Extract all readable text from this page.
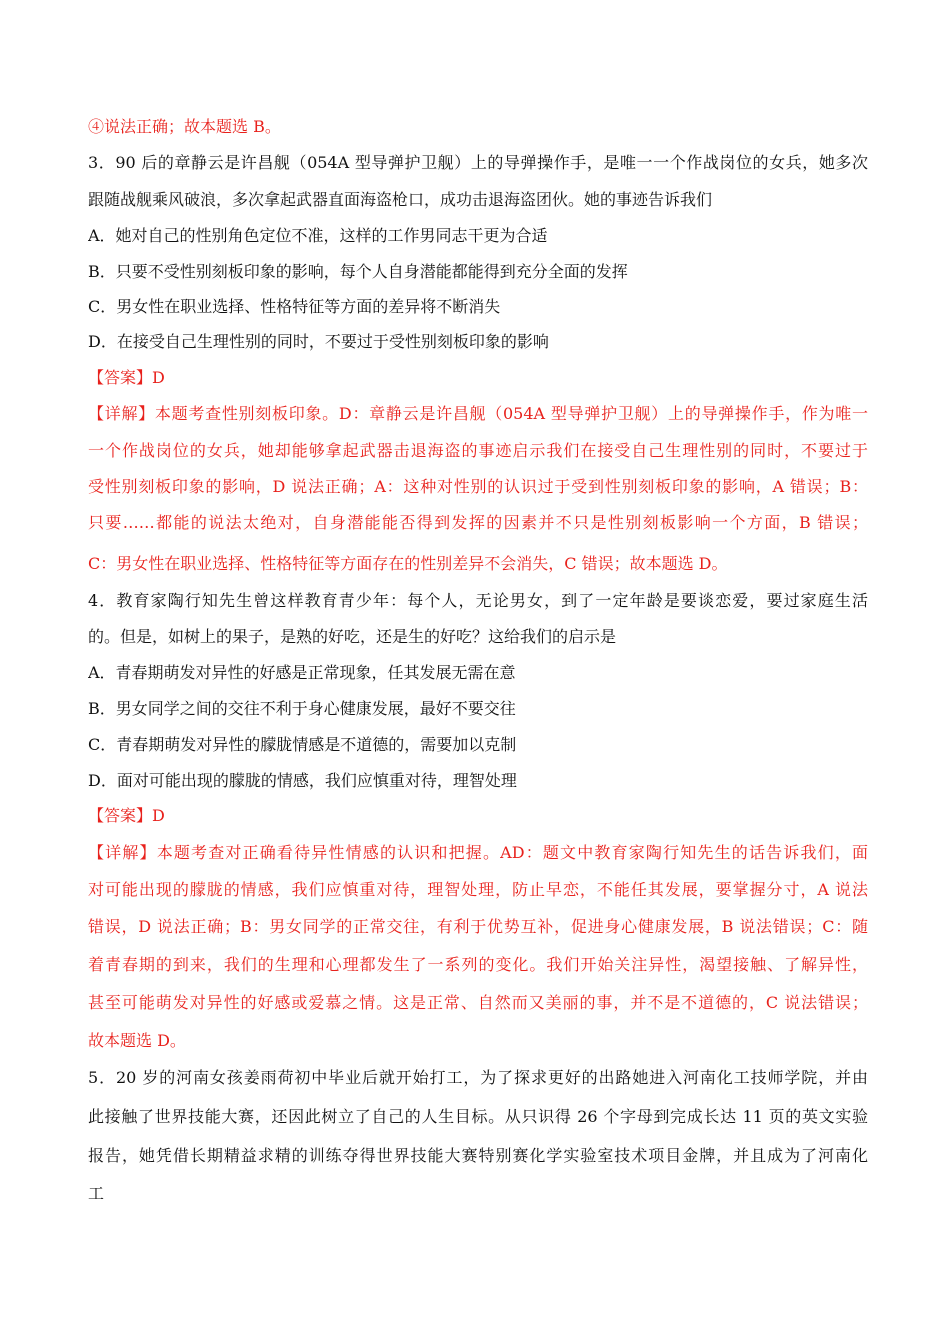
④说法正确；故本题选 B。
3．90 后的章静云是许昌舰（054A 型导弹护卫舰）上的导弹操作手，是唯一一个作战岗位的女兵，她多次
跟随战舰乘风破浪，多次拿起武器直面海盗枪口，成功击退海盗团伙。她的事迹告诉我们
A．她对自己的性别角色定位不准，这样的工作男同志干更为合适
B．只要不受性别刻板印象的影响，每个人自身潜能都能得到充分全面的发挥
C．男女性在职业选择、性格特征等方面的差异将不断消失
D．在接受自己生理性别的同时，不要过于受性别刻板印象的影响
【答案】D
【详解】本题考查性别刻板印象。D：章静云是许昌舰（054A 型导弹护卫舰）上的导弹操作手，作为唯一
一个作战岗位的女兵，她却能够拿起武器击退海盗的事迹启示我们在接受自己生理性别的同时，不要过于
受性别刻板印象的影响，D 说法正确；A：这种对性别的认识过于受到性别刻板印象的影响，A 错误；B：
只要……都能的说法太绝对，自身潜能能否得到发挥的因素并不只是性别刻板影响一个方面，B 错误；
C：男女性在职业选择、性格特征等方面存在的性别差异不会消失，C 错误；故本题选 D。
4．教育家陶行知先生曾这样教育青少年：每个人，无论男女，到了一定年龄是要谈恋爱，要过家庭生活
的。但是，如树上的果子，是熟的好吃，还是生的好吃？这给我们的启示是
A．青春期萌发对异性的好感是正常现象，任其发展无需在意
B．男女同学之间的交往不利于身心健康发展，最好不要交往
C．青春期萌发对异性的朦胧情感是不道德的，需要加以克制
D．面对可能出现的朦胧的情感，我们应慎重对待，理智处理
【答案】D
【详解】本题考查对正确看待异性情感的认识和把握。AD：题文中教育家陶行知先生的话告诉我们，面
对可能出现的朦胧的情感，我们应慎重对待，理智处理，防止早恋，不能任其发展，要掌握分寸，A 说法
错误，D 说法正确；B：男女同学的正常交往，有利于优势互补，促进身心健康发展，B 说法错误；C：随
着青春期的到来，我们的生理和心理都发生了一系列的变化。我们开始关注异性，渴望接触、了解异性，
甚至可能萌发对异性的好感或爱慕之情。这是正常、自然而又美丽的事，并不是不道德的，C 说法错误；
故本题选 D。
5．20 岁的河南女孩姜雨荷初中毕业后就开始打工，为了探求更好的出路她进入河南化工技师学院，并由
此接触了世界技能大赛，还因此树立了自己的人生目标。从只识得 26 个字母到完成长达 11 页的英文实验
报告，她凭借长期精益求精的训练夺得世界技能大赛特别赛化学实验室技术项目金牌，并且成为了河南化
工
